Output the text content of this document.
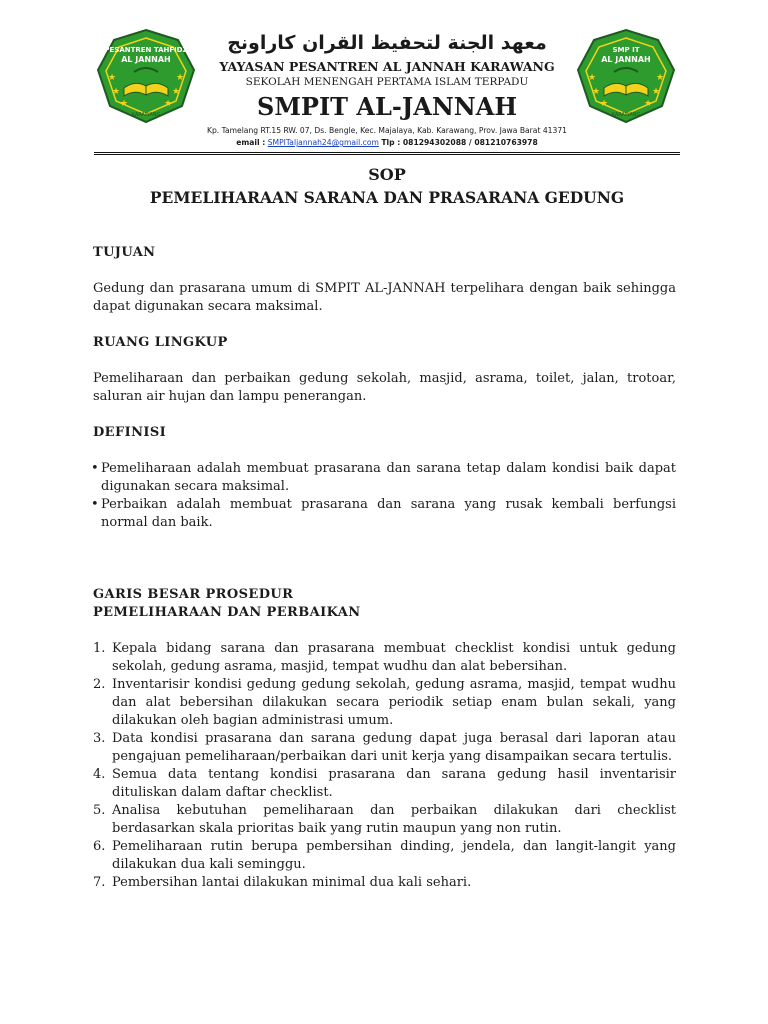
PESANTREN TAHFIDZ
AL JANNAH
★	★
★	★
★	★
KARAWANG
معهد الجنة لتحفيظ القران كاراونج
YAYASAN PESANTREN AL JANNAH KARAWANG
SEKOLAH MENENGAH PERTAMA ISLAM TERPADU
SMPIT AL-JANNAH
Kp. Tamelang RT.15 RW. 07, Ds. Bengle, Kec. Majalaya, Kab. Karawang, Prov. Jawa Barat 41371
email : SMPITaljannah24@gmail.com Tlp : 081294302088 / 081210763978
SMP IT
AL JANNAH
★	★
★	★
★	★
KARAWANG
SOP
PEMELIHARAAN SARANA DAN PRASARANA GEDUNG
TUJUAN

Gedung dan prasarana umum di SMPIT AL-JANNAH terpelihara dengan baik sehingga dapat digunakan secara maksimal.

RUANG LINGKUP

Pemeliharaan dan perbaikan gedung sekolah, masjid, asrama, toilet, jalan, trotoar, saluran air hujan dan lampu penerangan.

DEFINISI
• Pemeliharaan adalah membuat prasarana dan sarana tetap dalam kondisi baik dapat digunakan secara maksimal.
• Perbaikan adalah membuat prasarana dan sarana yang rusak kembali berfungsi normal dan baik.
GARIS BESAR PROSEDUR
PEMELIHARAAN DAN PERBAIKAN
1. Kepala bidang sarana dan prasarana membuat checklist kondisi untuk gedung sekolah, gedung asrama, masjid, tempat wudhu dan alat bebersihan.
2. Inventarisir kondisi gedung gedung sekolah, gedung asrama, masjid, tempat wudhu dan alat bebersihan dilakukan secara periodik setiap enam bulan sekali, yang dilakukan oleh bagian administrasi umum.
3. Data kondisi prasarana dan sarana gedung dapat juga berasal dari laporan atau pengajuan pemeliharaan/perbaikan dari unit kerja yang disampaikan secara tertulis.
4. Semua data tentang kondisi prasarana dan sarana gedung hasil inventarisir dituliskan dalam daftar checklist.
5. Analisa kebutuhan pemeliharaan dan perbaikan dilakukan dari checklist berdasarkan skala prioritas baik yang rutin maupun yang non rutin.
6. Pemeliharaan rutin berupa pembersihan dinding, jendela, dan langit-langit yang dilakukan dua kali seminggu.
7. Pembersihan lantai dilakukan minimal dua kali sehari.
